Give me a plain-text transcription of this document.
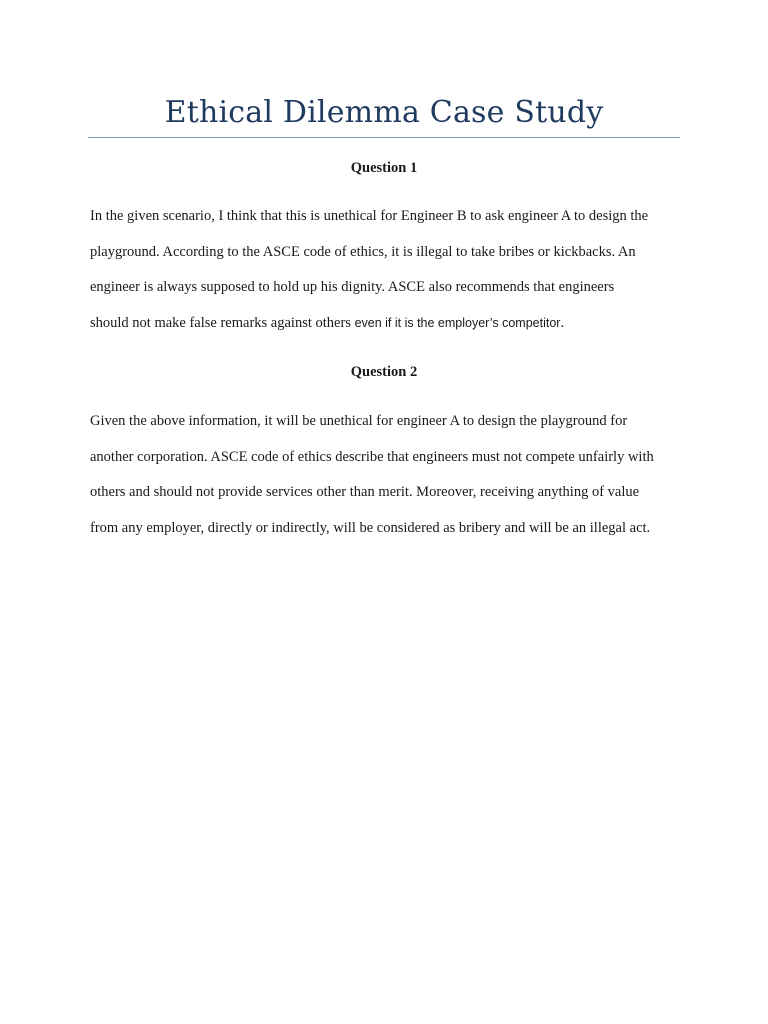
Ethical Dilemma Case Study
Question 1

In the given scenario, I think that this is unethical for Engineer B to ask engineer A to design the
playground. According to the ASCE code of ethics, it is illegal to take bribes or kickbacks. An
engineer is always supposed to hold up his dignity. ASCE also recommends that engineers
should not make false remarks against others even if it is the employer’s competitor.

Question 2

Given the above information, it will be unethical for engineer A to design the playground for
another corporation. ASCE code of ethics describe that engineers must not compete unfairly with
others and should not provide services other than merit. Moreover, receiving anything of value
from any employer, directly or indirectly, will be considered as bribery and will be an illegal act.
